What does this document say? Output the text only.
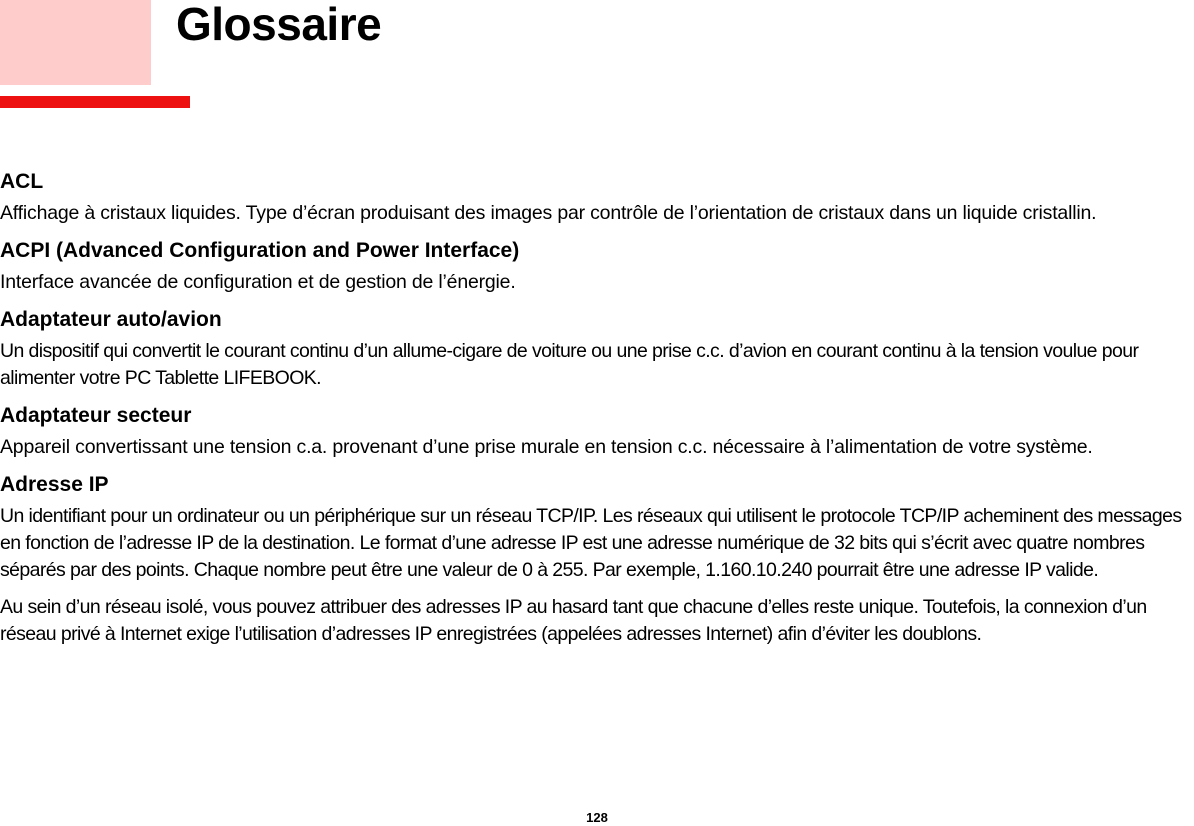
Glossaire
ACL

Affichage à cristaux liquides. Type d’écran produisant des images par contrôle de l’orientation de cristaux dans un liquide cristallin.

ACPI (Advanced Configuration and Power Interface)

Interface avancée de configuration et de gestion de l’énergie.

Adaptateur auto/avion

Un dispositif qui convertit le courant continu d’un allume-cigare de voiture ou une prise c.c. d’avion en courant continu à la tension voulue pour alimenter votre PC Tablette LIFEBOOK.

Adaptateur secteur

Appareil convertissant une tension c.a. provenant d’une prise murale en tension c.c. nécessaire à l’alimentation de votre système.

Adresse IP

Un identifiant pour un ordinateur ou un périphérique sur un réseau TCP/IP. Les réseaux qui utilisent le protocole TCP/IP acheminent des messages en fonction de l’adresse IP de la destination. Le format d’une adresse IP est une adresse numérique de 32 bits qui s’écrit avec quatre nombres séparés par des points. Chaque nombre peut être une valeur de 0 à 255. Par exemple, 1.160.10.240 pourrait être une adresse IP valide.

Au sein d’un réseau isolé, vous pouvez attribuer des adresses IP au hasard tant que chacune d’elles reste unique. Toutefois, la connexion d’un réseau privé à Internet exige l’utilisation d’adresses IP enregistrées (appelées adresses Internet) afin d’éviter les doublons.

128
